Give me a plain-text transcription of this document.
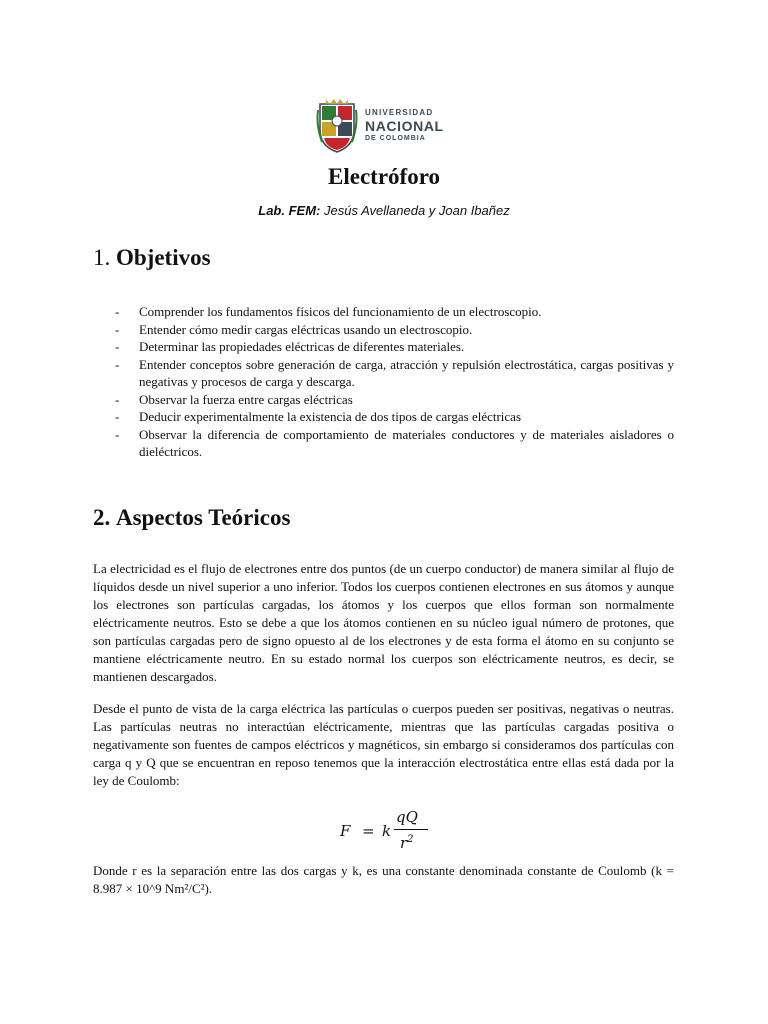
UNIVERSIDAD
NACIONAL
DE COLOMBIA
Electróforo
Lab. FEM: Jesús Avellaneda y Joan Ibañez
1. Objetivos
- Comprender los fundamentos físicos del funcionamiento de un electroscopio.
- Entender cómo medir cargas eléctricas usando un electroscopio.
- Determinar las propiedades eléctricas de diferentes materiales.
- Entender conceptos sobre generación de carga, atracción y repulsión electrostática, cargas positivas y negativas y procesos de carga y descarga.
- Observar la fuerza entre cargas eléctricas
- Deducir experimentalmente la existencia de dos tipos de cargas eléctricas
- Observar la diferencia de comportamiento de materiales conductores y de materiales aisladores o dieléctricos.
2. Aspectos Teóricos

La electricidad es el flujo de electrones entre dos puntos (de un cuerpo conductor) de manera similar al flujo de líquidos desde un nivel superior a uno inferior. Todos los cuerpos contienen electrones en sus átomos y aunque los electrones son partículas cargadas, los átomos y los cuerpos que ellos forman son normalmente eléctricamente neutros. Esto se debe a que los átomos contienen en su núcleo igual número de protones, que son partículas cargadas pero de signo opuesto al de los electrones y de esta forma el átomo en su conjunto se mantiene eléctricamente neutro. En su estado normal los cuerpos son eléctricamente neutros, es decir, se mantienen descargados.

Desde el punto de vista de la carga eléctrica las partículas o cuerpos pueden ser positivas, negativas o neutras. Las partículas neutras no interactúan eléctricamente, mientras que las partículas cargadas positiva o negativamente son fuentes de campos eléctricos y magnéticos, sin embargo si consideramos dos partículas con carga q y Q que se encuentran en reposo tenemos que la interacción electrostática entre ellas está dada por la ley de Coulomb:

F = k
qQ
$r^2$

Donde r es la separación entre las dos cargas y k, es una constante denominada constante de Coulomb (k = 8.987 × 10^9 Nm²/C²).
